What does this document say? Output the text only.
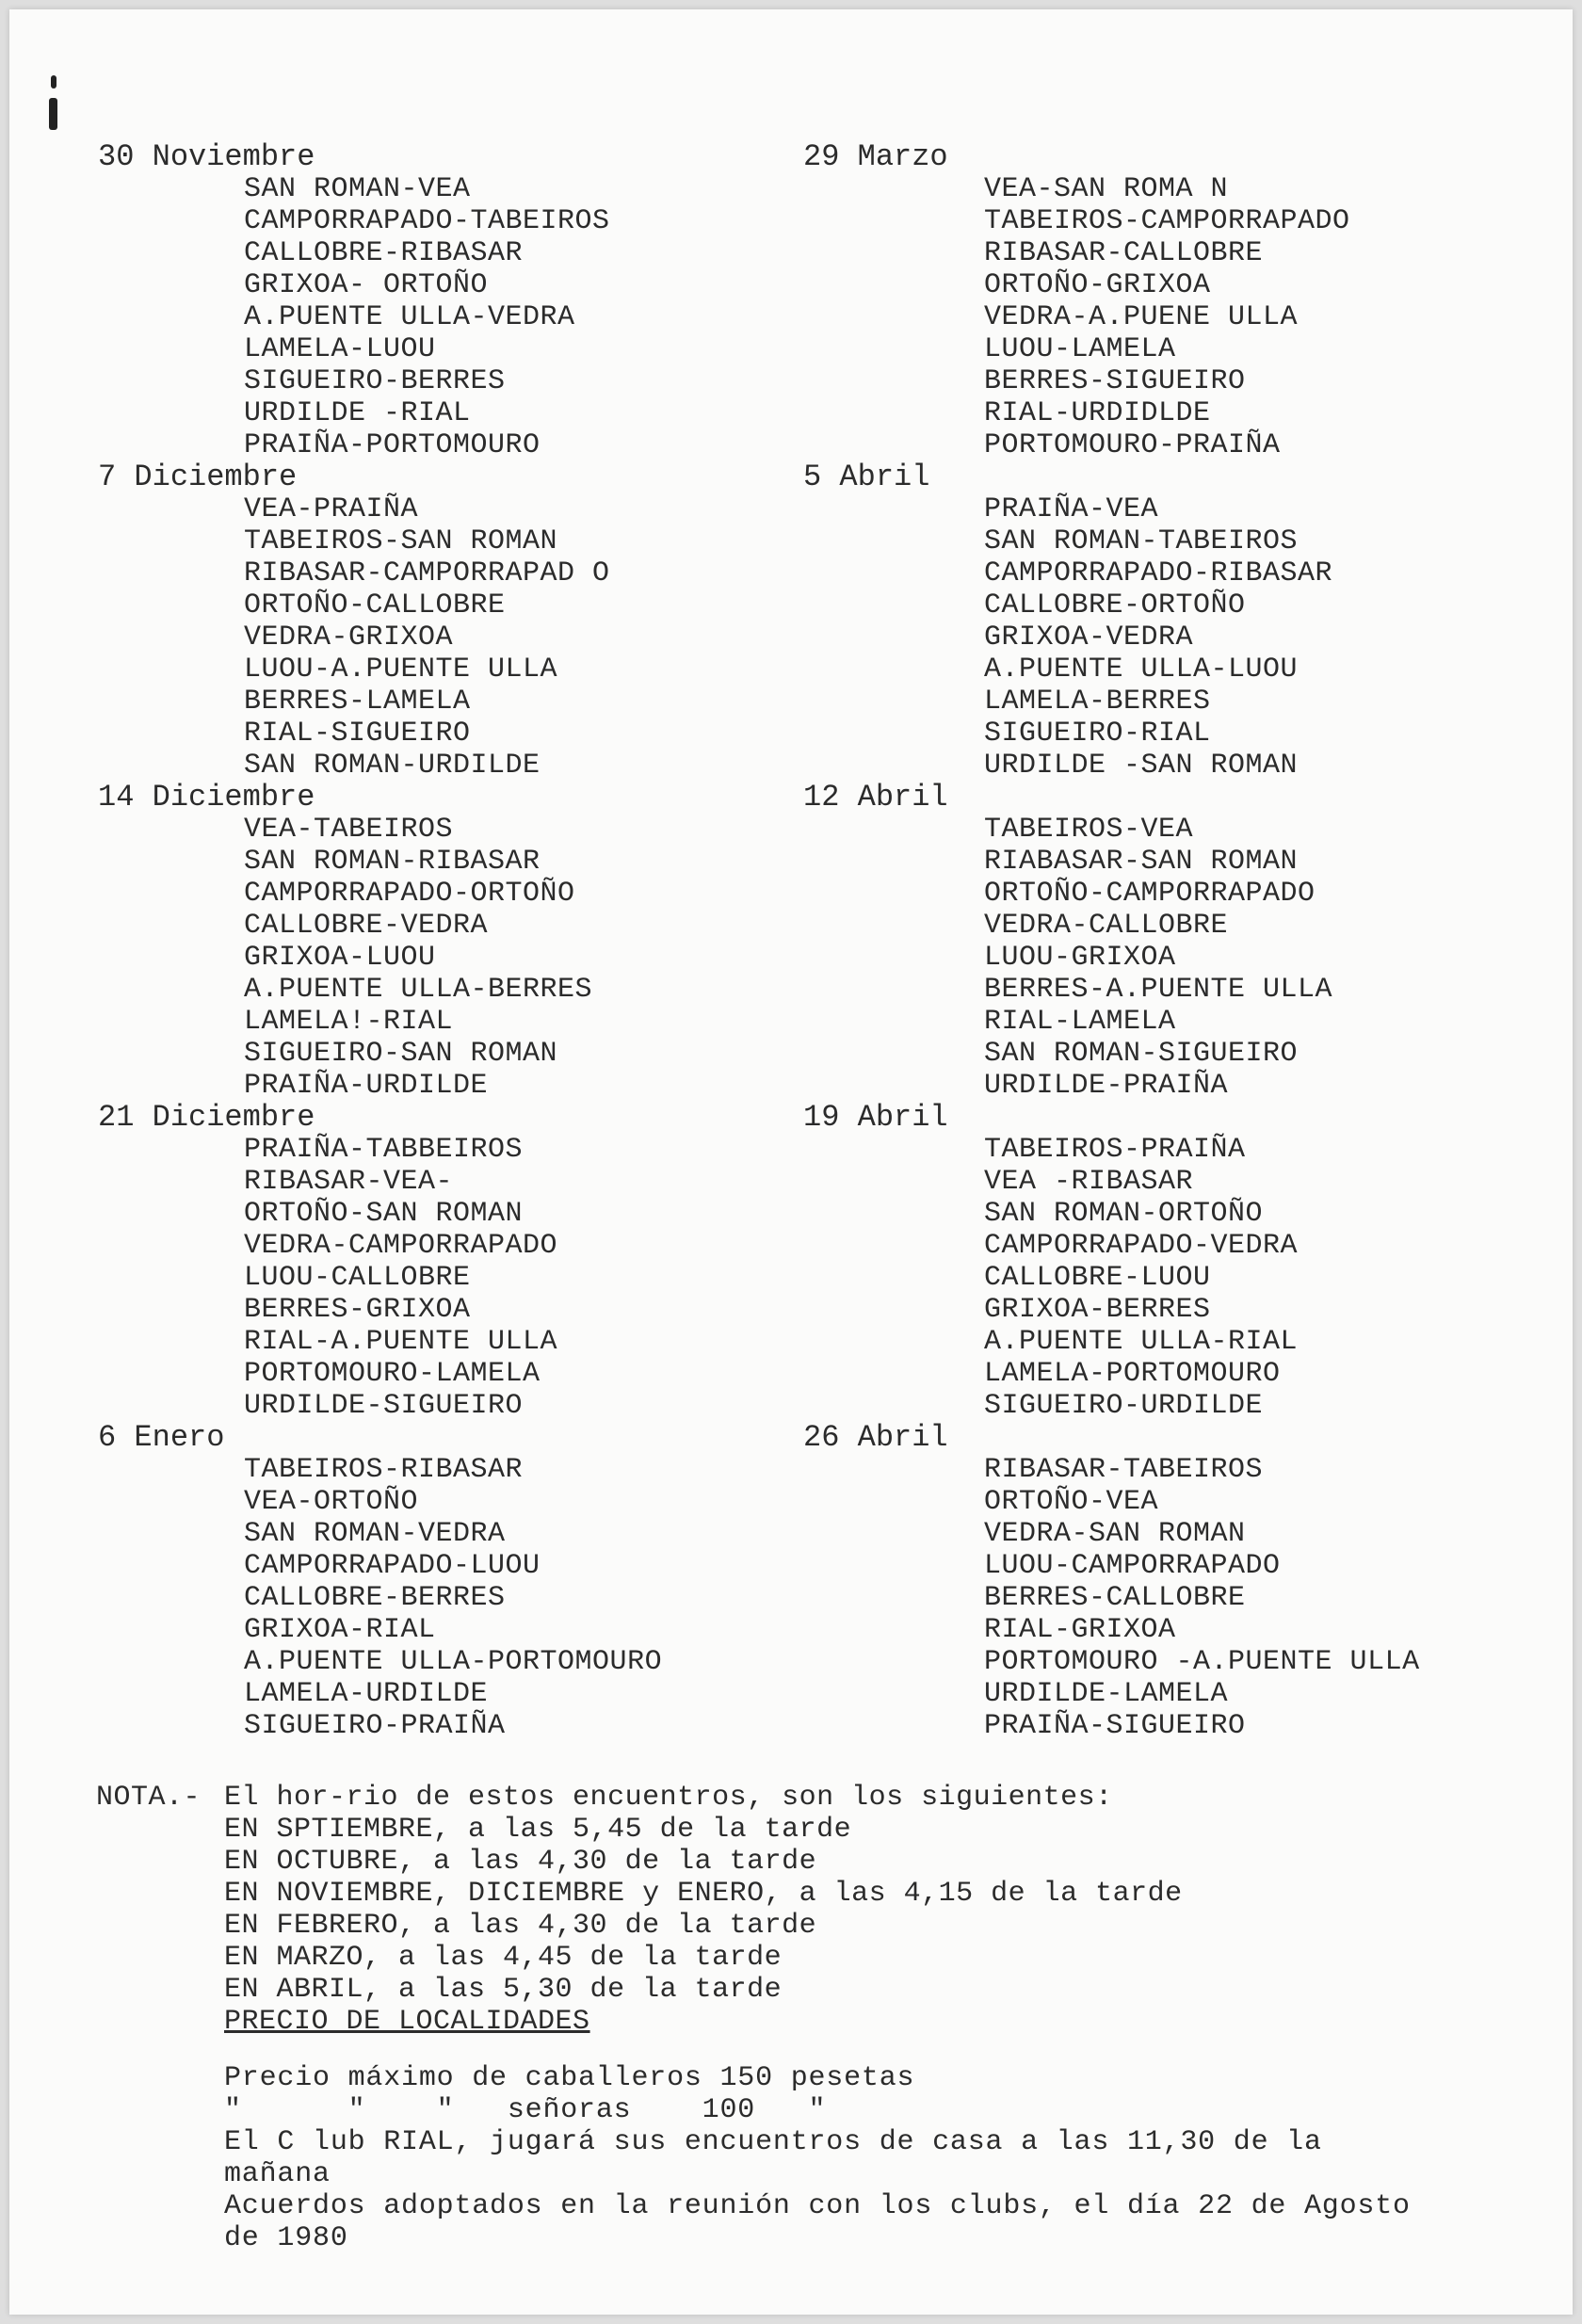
30 Noviembre
SAN ROMAN-VEA
CAMPORRAPADO-TABEIROS
CALLOBRE-RIBASAR
GRIXOA- ORTOÑO
A.PUENTE ULLA-VEDRA
LAMELA-LUOU
SIGUEIRO-BERRES
URDILDE -RIAL
PRAIÑA-PORTOMOURO
7 Diciembre
VEA-PRAIÑA
TABEIROS-SAN ROMAN
RIBASAR-CAMPORRAPAD O
ORTOÑO-CALLOBRE
VEDRA-GRIXOA
LUOU-A.PUENTE ULLA
BERRES-LAMELA
RIAL-SIGUEIRO
SAN ROMAN-URDILDE
14 Diciembre
VEA-TABEIROS
SAN ROMAN-RIBASAR
CAMPORRAPADO-ORTOÑO
CALLOBRE-VEDRA
GRIXOA-LUOU
A.PUENTE ULLA-BERRES
LAMELA!-RIAL
SIGUEIRO-SAN ROMAN
PRAIÑA-URDILDE
21 Diciembre
PRAIÑA-TABBEIROS
RIBASAR-VEA-
ORTOÑO-SAN ROMAN
VEDRA-CAMPORRAPADO
LUOU-CALLOBRE
BERRES-GRIXOA
RIAL-A.PUENTE ULLA
PORTOMOURO-LAMELA
URDILDE-SIGUEIRO
6 Enero
TABEIROS-RIBASAR
VEA-ORTOÑO
SAN ROMAN-VEDRA
CAMPORRAPADO-LUOU
CALLOBRE-BERRES
GRIXOA-RIAL
A.PUENTE ULLA-PORTOMOURO
LAMELA-URDILDE
SIGUEIRO-PRAIÑA
29 Marzo
VEA-SAN ROMA N
TABEIROS-CAMPORRAPADO
RIBASAR-CALLOBRE
ORTOÑO-GRIXOA
VEDRA-A.PUENE ULLA
LUOU-LAMELA
BERRES-SIGUEIRO
RIAL-URDIDLDE
PORTOMOURO-PRAIÑA
5 Abril
PRAIÑA-VEA
SAN ROMAN-TABEIROS
CAMPORRAPADO-RIBASAR
CALLOBRE-ORTOÑO
GRIXOA-VEDRA
A.PUENTE ULLA-LUOU
LAMELA-BERRES
SIGUEIRO-RIAL
URDILDE -SAN ROMAN
12 Abril
TABEIROS-VEA
RIABASAR-SAN ROMAN
ORTOÑO-CAMPORRAPADO
VEDRA-CALLOBRE
LUOU-GRIXOA
BERRES-A.PUENTE ULLA
RIAL-LAMELA
SAN ROMAN-SIGUEIRO
URDILDE-PRAIÑA
19 Abril
TABEIROS-PRAIÑA
VEA -RIBASAR
SAN ROMAN-ORTOÑO
CAMPORRAPADO-VEDRA
CALLOBRE-LUOU
GRIXOA-BERRES
A.PUENTE ULLA-RIAL
LAMELA-PORTOMOURO
SIGUEIRO-URDILDE
26 Abril
RIBASAR-TABEIROS
ORTOÑO-VEA
VEDRA-SAN ROMAN
LUOU-CAMPORRAPADO
BERRES-CALLOBRE
RIAL-GRIXOA
PORTOMOURO -A.PUENTE ULLA
URDILDE-LAMELA
PRAIÑA-SIGUEIRO
NOTA.- El hor-rio de estos encuentros, son los siguientes:
EN SPTIEMBRE, a las 5,45 de la tarde
EN OCTUBRE, a las 4,30 de la tarde
EN NOVIEMBRE, DICIEMBRE y ENERO, a las 4,15 de la tarde
EN FEBRERO, a las 4,30 de la tarde
EN MARZO, a las 4,45 de la tarde
EN ABRIL, a las 5,30 de la tarde
PRECIO DE LOCALIDADES
Precio máximo de caballeros 150 pesetas
"      "    "   señoras    100   "
El C lub RIAL, jugará sus encuentros de casa a las 11,30 de la
mañana
Acuerdos adoptados en la reunión con los clubs, el día 22 de Agosto
de 1980
